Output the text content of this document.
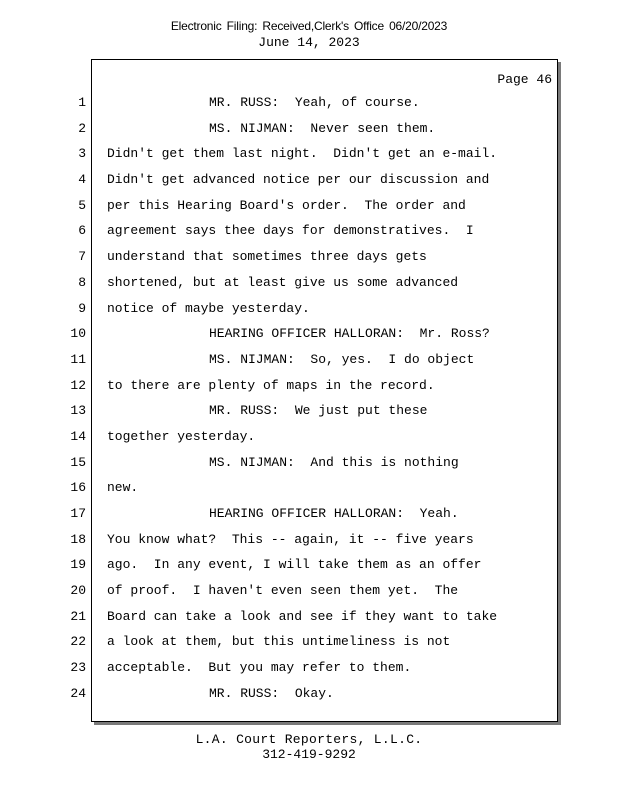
Electronic Filing: Received,Clerk's Office 06/20/2023
June 14, 2023
Page 46
1
2
3
4
5
6
7
8
9
10
11
12
13
14
15
16
17
18
19
20
21
22
23
24
MR. RUSS:  Yeah, of course.
MS. NIJMAN:  Never seen them.
Didn't get them last night.  Didn't get an e-mail.
Didn't get advanced notice per our discussion and
per this Hearing Board's order.  The order and
agreement says thee days for demonstratives.  I
understand that sometimes three days gets
shortened, but at least give us some advanced
notice of maybe yesterday.
HEARING OFFICER HALLORAN:  Mr. Ross?
MS. NIJMAN:  So, yes.  I do object
to there are plenty of maps in the record.
MR. RUSS:  We just put these
together yesterday.
MS. NIJMAN:  And this is nothing
new.
HEARING OFFICER HALLORAN:  Yeah.
You know what?  This -- again, it -- five years
ago.  In any event, I will take them as an offer
of proof.  I haven't even seen them yet.  The
Board can take a look and see if they want to take
a look at them, but this untimeliness is not
acceptable.  But you may refer to them.
MR. RUSS:  Okay.
L.A. Court Reporters, L.L.C.
312-419-9292
